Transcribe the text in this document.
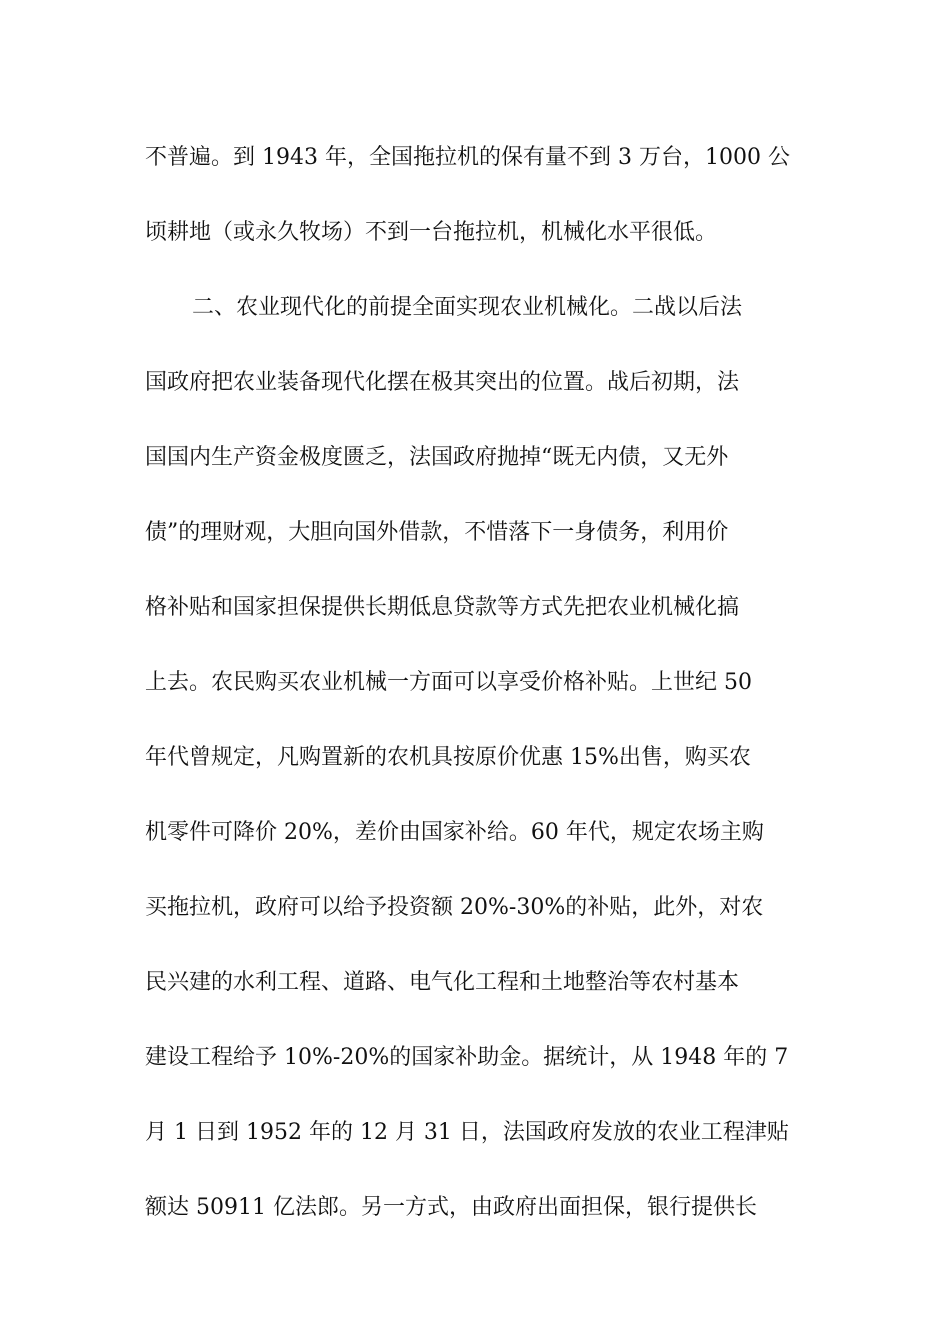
不普遍。到 1943 年，全国拖拉机的保有量不到 3 万台，1000 公
顷耕地（或永久牧场）不到一台拖拉机，机械化水平很低。
二、农业现代化的前提全面实现农业机械化。二战以后法
国政府把农业装备现代化摆在极其突出的位置。战后初期，法
国国内生产资金极度匮乏，法国政府抛掉“既无内债，又无外
债”的理财观，大胆向国外借款，不惜落下一身债务，利用价
格补贴和国家担保提供长期低息贷款等方式先把农业机械化搞
上去。农民购买农业机械一方面可以享受价格补贴。上世纪 50
年代曾规定，凡购置新的农机具按原价优惠 15%出售，购买农
机零件可降价 20%，差价由国家补给。60 年代，规定农场主购
买拖拉机，政府可以给予投资额 20%-30%的补贴，此外，对农
民兴建的水利工程、道路、电气化工程和土地整治等农村基本
建设工程给予 10%-20%的国家补助金。据统计，从 1948 年的 7
月 1 日到 1952 年的 12 月 31 日，法国政府发放的农业工程津贴
额达 50911 亿法郎。另一方式，由政府出面担保，银行提供长
